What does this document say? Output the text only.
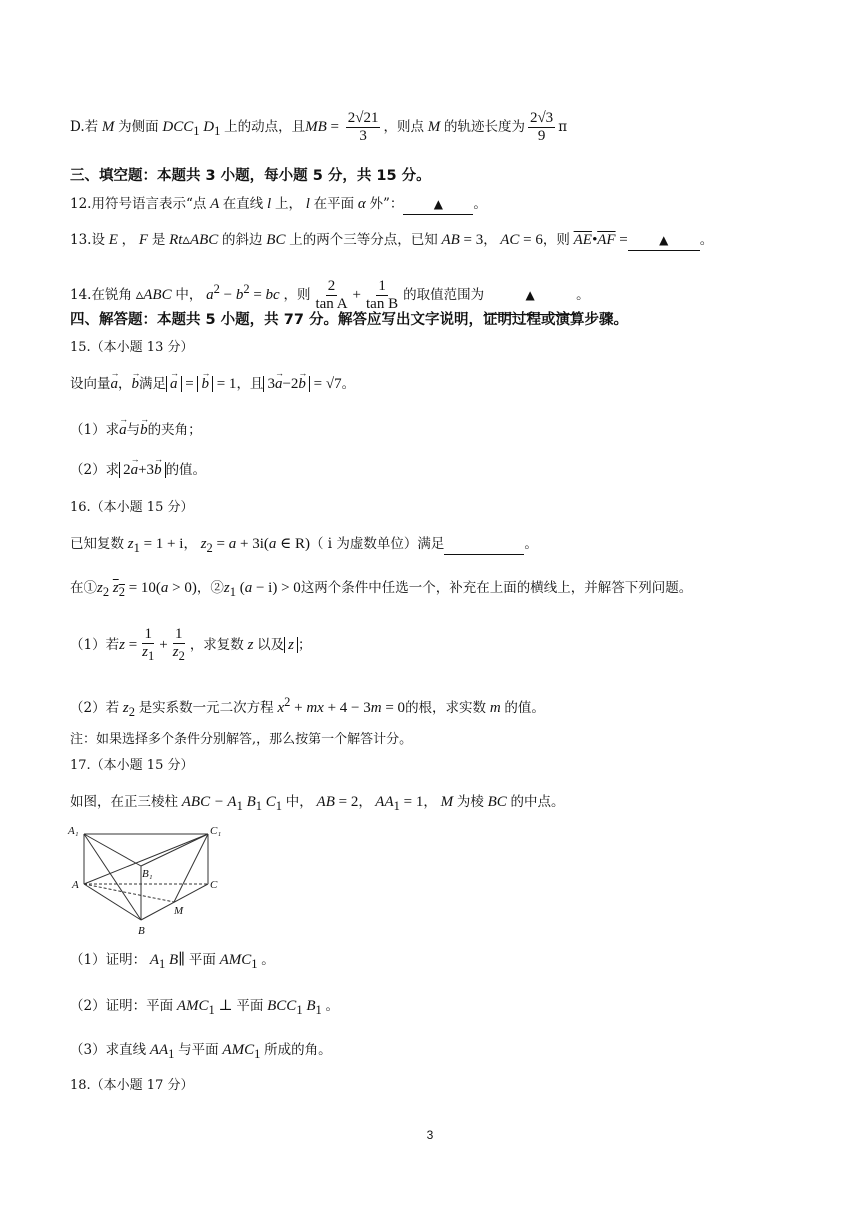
D.若 M 为侧面 $DCC_1$ $D_1$ 上的动点，且MB = $\frac{2√21}{3}$ ，则点 M 的轨迹长度为 $\frac{2√3}{9}$ π
三、填空题：本题共 3 小题，每小题 5 分，共 15 分。
12.用符号语言表示“点 A 在直线 l 上， l 在平面 α 外”：	▲ 。
13.设 E ， F 是 Rt▵ABC 的斜边 BC 上的两个三等分点，已知 AB = 3， AC = 6，则 $\overline{AE}•\overline{AF}$ =	▲ 。
14.在锐角 ▵ABC 中， $a^2 - b^2$ = bc ，则 $\frac{2}{\text{tan A}} + \frac{1}{\text{tan B}}$ 的取值范围为	▲	。
四、解答题：本题共 5 小题，共 77 分。解答应写出文字说明，证明过程或演算步骤。
15.（本小题 13 分）
设向量→ a，→ b满足 → a = → b = 1，且 3→ a−2→ b = √7。
（1）求→ a与→ b的夹角；
（2）求 2→ a+3→ b 的值。
16.（本小题 15 分）
已知复数 $z_1 = 1 + i$， $z_2 = a + 3i(a$ ∈ R)（ i 为虚数单位）满足	。
在$①z_2$ $z_2 = 10(a > 0)$，$②z_1$ (a − i) > 0这两个条件中任选一个，补充在上面的横线上，并解答下列问题。
（1）若$z = \frac{1}{z_1} + \frac{1}{z_2}$ ，求复数 z 以及 z ；
（2）若 $z_2$ 是实系数一元二次方程 $x^2$ + mx + 4 − 3m = 0的根，求实数 m 的值。
注：如果选择多个条件分别解答,，那么按第一个解答计分。
17.（本小题 15 分）
如图，在正三棱柱 ABC − $A_1$ $B_1$ $C_1$ 中， AB = 2， $AA_1 = 1$， M 为棱 BC 的中点。
A₁	C₁
B₁
A	C
M
B
（1）证明： $A_1$ B∥ 平面 $AMC_1$ 。
（2）证明：平面 $AMC_1$ ⊥ 平面 $BCC_1$ $B_1$ 。
（3）求直线 $AA_1$ 与平面 $AMC_1$ 所成的角。
18.（本小题 17 分）
3
